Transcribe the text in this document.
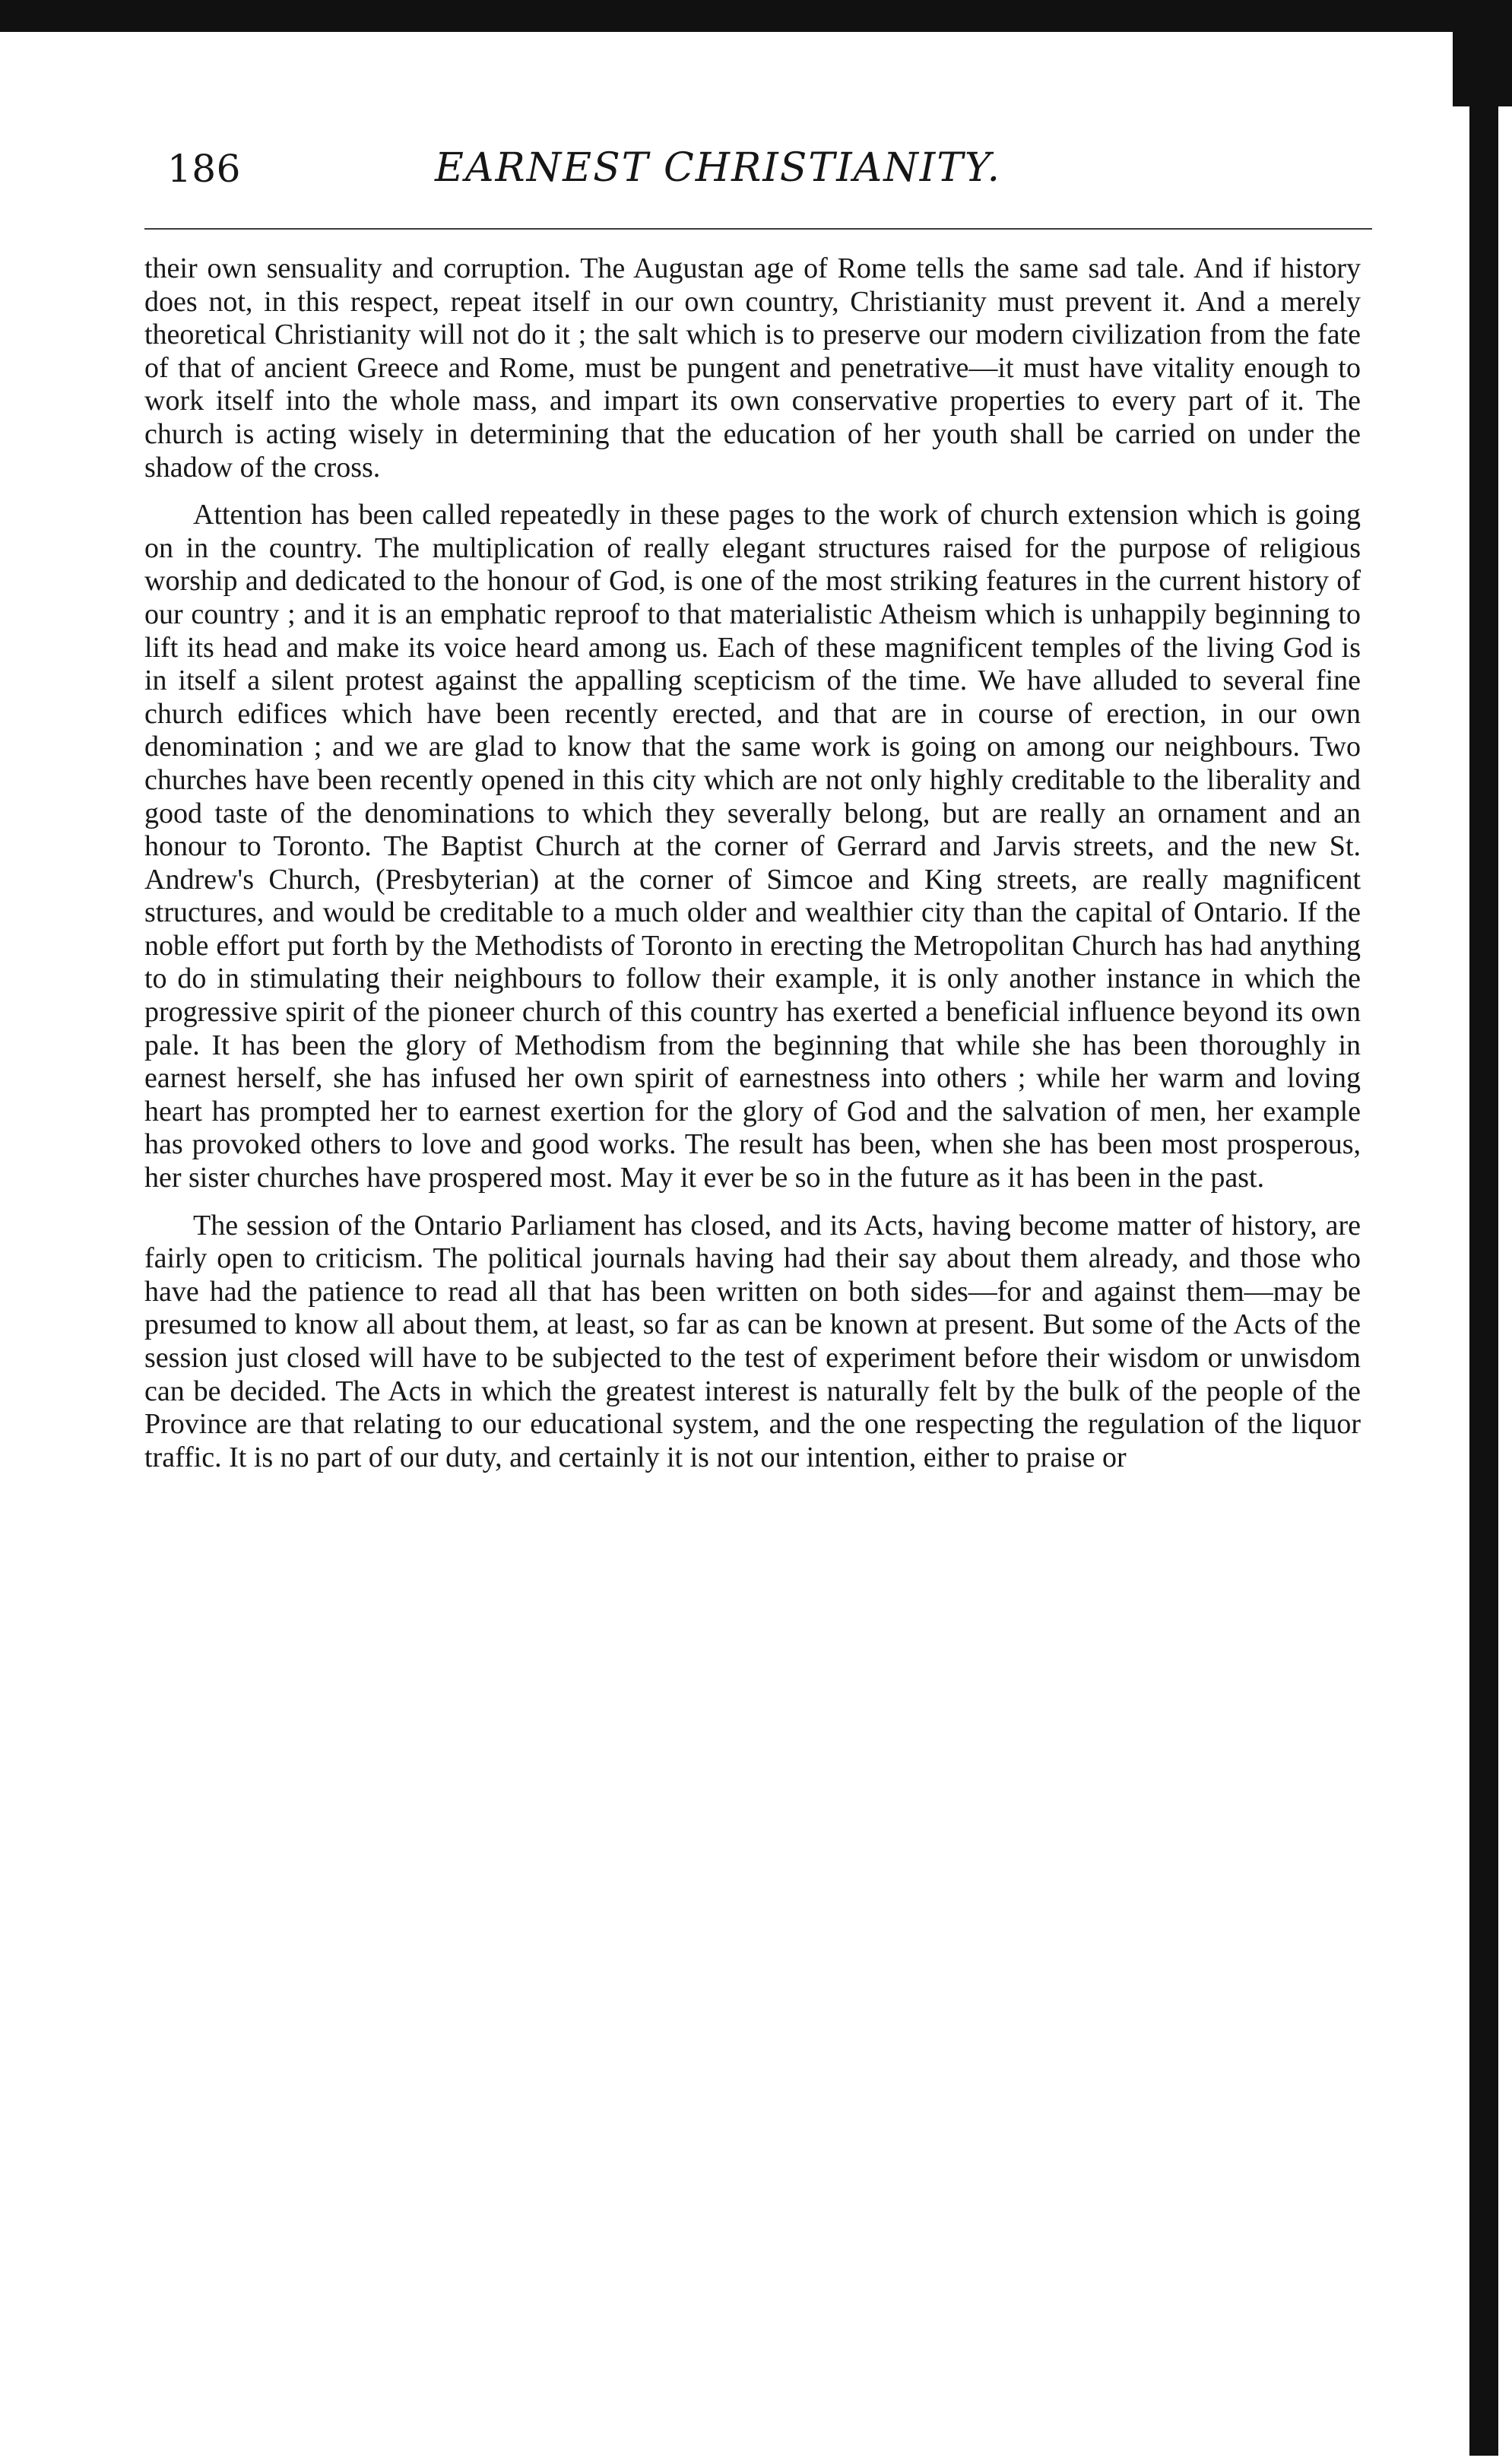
186	EARNEST CHRISTIANITY.

their own sensuality and corruption. The Augustan age of Rome tells the same sad tale. And if history does not, in this respect, repeat itself in our own country, Christianity must prevent it. And a merely theoretical Christianity will not do it ; the salt which is to preserve our modern civilization from the fate of that of ancient Greece and Rome, must be pungent and penetrative—it must have vitality enough to work itself into the whole mass, and impart its own conservative properties to every part of it. The church is acting wisely in determining that the education of her youth shall be carried on under the shadow of the cross.

Attention has been called repeatedly in these pages to the work of church extension which is going on in the country. The multiplication of really elegant structures raised for the purpose of religious worship and dedicated to the honour of God, is one of the most striking features in the current history of our country ; and it is an emphatic reproof to that materialistic Atheism which is unhappily beginning to lift its head and make its voice heard among us. Each of these magnificent temples of the living God is in itself a silent protest against the appalling scepticism of the time. We have alluded to several fine church edifices which have been recently erected, and that are in course of erection, in our own denomination ; and we are glad to know that the same work is going on among our neighbours. Two churches have been recently opened in this city which are not only highly creditable to the liberality and good taste of the denominations to which they severally belong, but are really an ornament and an honour to Toronto. The Baptist Church at the corner of Gerrard and Jarvis streets, and the new St. Andrew's Church, (Presbyterian) at the corner of Simcoe and King streets, are really magnificent structures, and would be creditable to a much older and wealthier city than the capital of Ontario. If the noble effort put forth by the Methodists of Toronto in erecting the Metropolitan Church has had anything to do in stimulating their neighbours to follow their example, it is only another instance in which the progressive spirit of the pioneer church of this country has exerted a beneficial influence beyond its own pale. It has been the glory of Methodism from the beginning that while she has been thoroughly in earnest herself, she has infused her own spirit of earnestness into others ; while her warm and loving heart has prompted her to earnest exertion for the glory of God and the salvation of men, her example has provoked others to love and good works. The result has been, when she has been most prosperous, her sister churches have prospered most. May it ever be so in the future as it has been in the past.

The session of the Ontario Parliament has closed, and its Acts, having become matter of history, are fairly open to criticism. The political journals having had their say about them already, and those who have had the patience to read all that has been written on both sides—for and against them—may be presumed to know all about them, at least, so far as can be known at present. But some of the Acts of the session just closed will have to be subjected to the test of experiment before their wisdom or unwisdom can be decided. The Acts in which the greatest interest is naturally felt by the bulk of the people of the Province are that relating to our educational system, and the one respecting the regulation of the liquor traffic. It is no part of our duty, and certainly it is not our intention, either to praise or
